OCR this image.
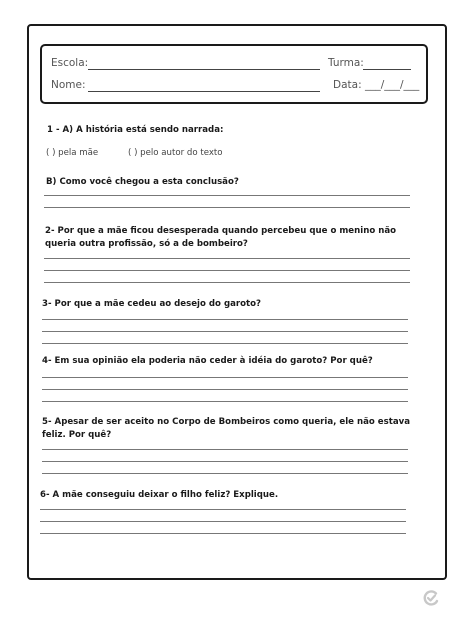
Escola:	Turma:
Nome:	Data: ___/___/___
1 - A) A história está sendo narrada:
( ) pela mãe	( ) pelo autor do texto
B) Como você chegou a esta conclusão?
2- Por que a mãe ficou desesperada quando percebeu que o menino não queria outra profissão, só a de bombeiro?
3- Por que a mãe cedeu ao desejo do garoto?
4- Em sua opinião ela poderia não ceder à idéia do garoto? Por quê?
5- Apesar de ser aceito no Corpo de Bombeiros como queria, ele não estava feliz. Por quê?
6- A mãe conseguiu deixar o filho feliz? Explique.
